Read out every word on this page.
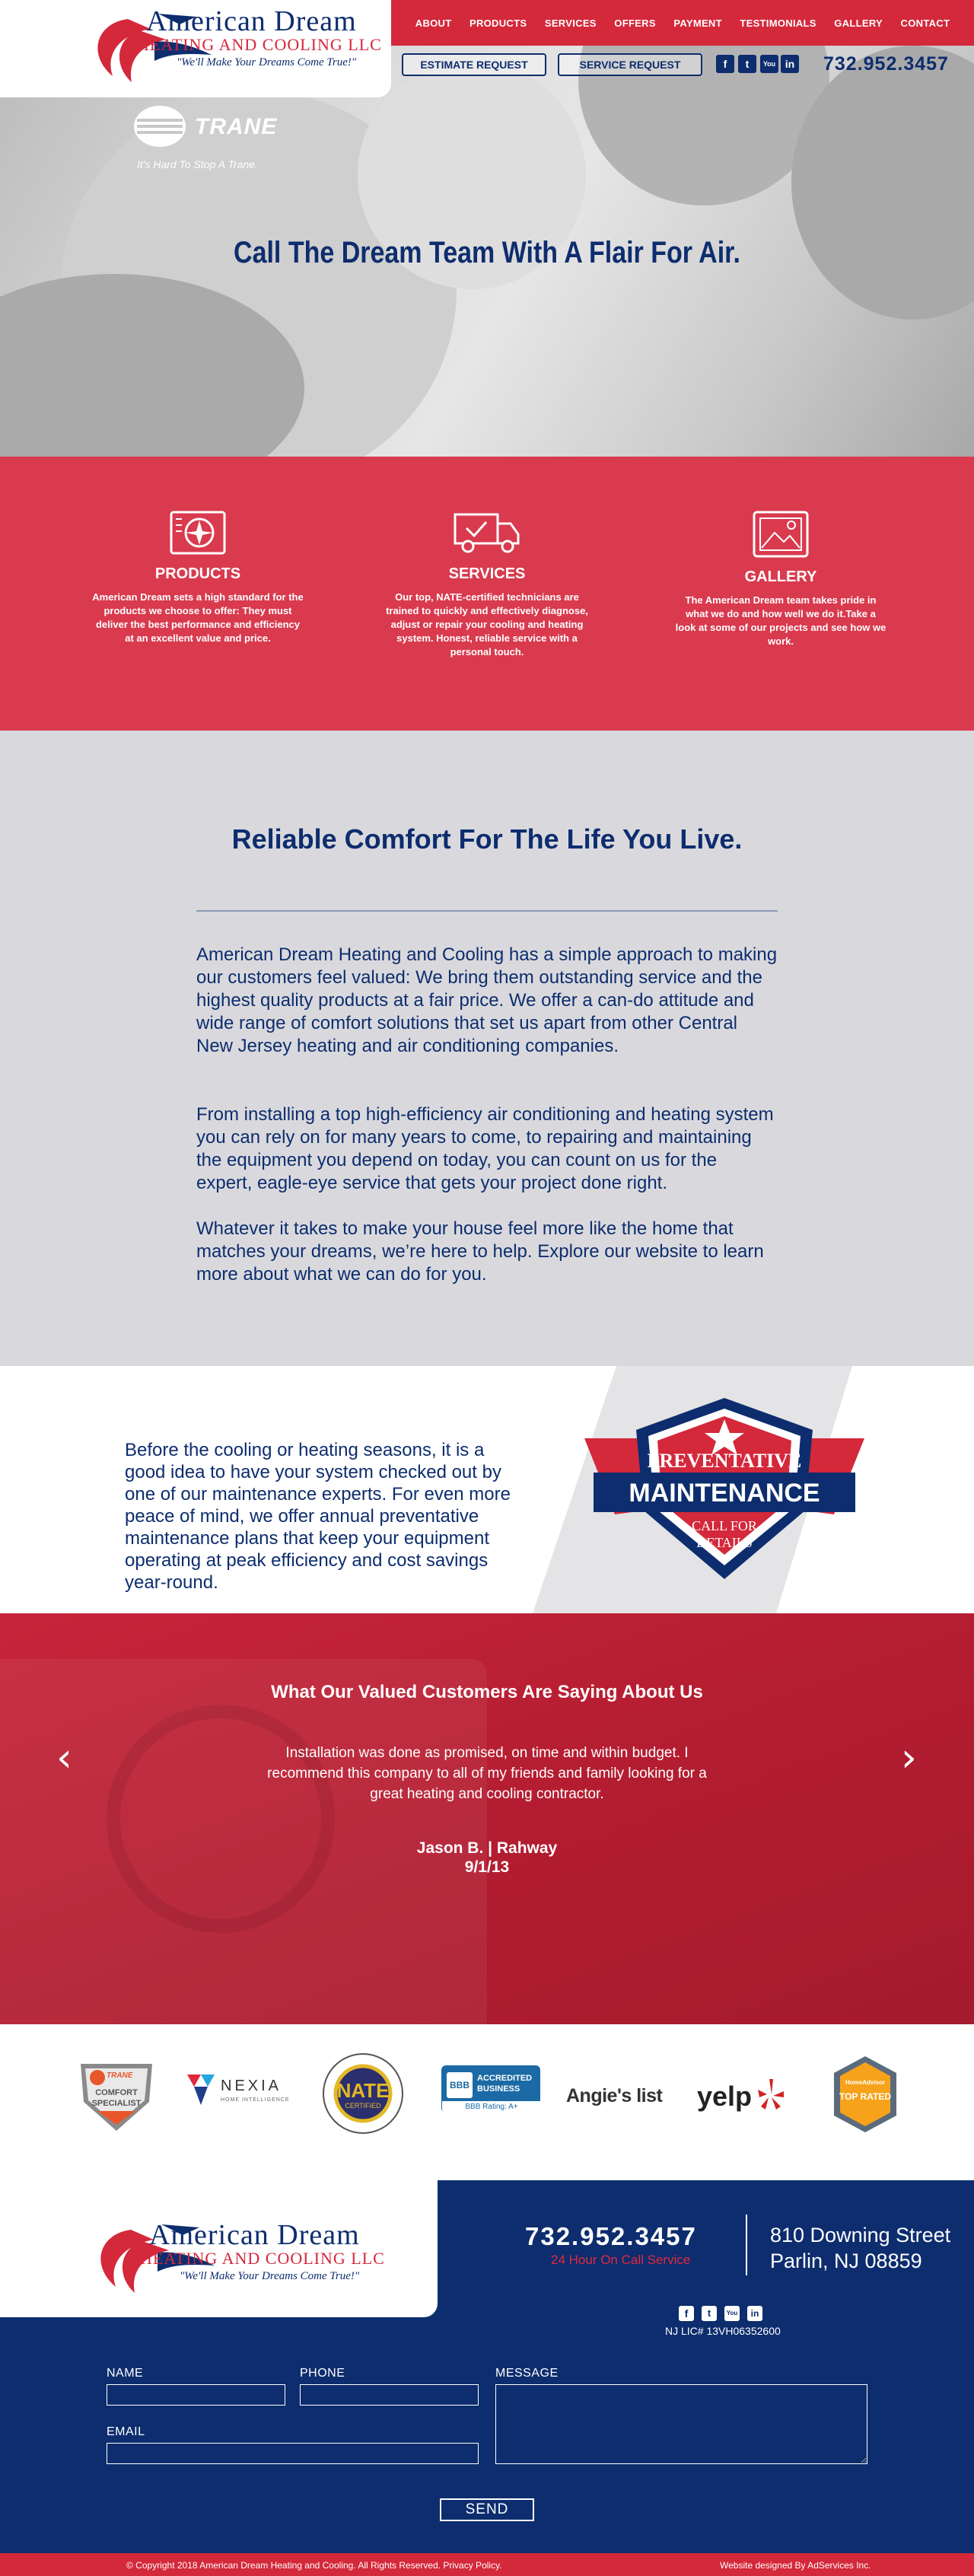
American Dream
HEATING AND COOLING LLC
"We'll Make Your Dreams Come True!"
ABOUT PRODUCTS SERVICES OFFERS PAYMENT TESTIMONIALS GALLERY CONTACT
ESTIMATE REQUEST	SERVICE REQUEST	f	t	You in 732.952.3457
TRANE
It's Hard To Stop A Trane.
Call The Dream Team With A Flair For Air.
PRODUCTS

American Dream sets a high standard for the products we choose to offer: They must deliver the best performance and efficiency at an excellent value and price.

SERVICES

Our top, NATE-certified technicians are trained to quickly and effectively diagnose, adjust or repair your cooling and heating system. Honest, reliable service with a personal touch.

GALLERY

The American Dream team takes pride in what we do and how well we do it.Take a look at some of our projects and see how we work.

Reliable Comfort For The Life You Live.

American Dream Heating and Cooling has a simple approach to making our customers feel valued: We bring them outstanding service and the highest quality products at a fair price. We offer a can-do attitude and wide range of comfort solutions that set us apart from other Central New Jersey heating and air conditioning companies.

From installing a top high-efficiency air conditioning and heating system you can rely on for many years to come, to repairing and maintaining the equipment you depend on today, you can count on us for the expert, eagle-eye service that gets your project done right.

Whatever it takes to make your house feel more like the home that matches your dreams, we’re here to help. Explore our website to learn more about what we can do for you.

Before the cooling or heating seasons, it is a good idea to have your system checked out by one of our maintenance experts. For even more peace of mind, we offer annual preventative maintenance plans that keep your equipment operating at peak efficiency and cost savings year-round.

PREVENTATIVE
MAINTENANCE
CALL FOR
DETAILS
What Our Valued Customers Are Saying About Us
‹	›

Installation was done as promised, on time and within budget. I recommend this company to all of my friends and family looking for a great heating and cooling contractor.

Jason B. | Rahway
9/1/13
TRANE
COMFORT
SPECIALIST
NEXIA
HOME INTELLIGENCE	NATE
CERTIFIED
BBB
ACCREDITED
BUSINESS
BBB Rating: A+
Angie's list yelp	HomeAdvisor
TOP RATED
American Dream
HEATING AND COOLING LLC
"We'll Make Your Dreams Come True!"
732.952.3457
24 Hour On Call Service
810 Downing Street Parlin, NJ 08859
f	t	You	in
NJ LIC# 13VH06352600
NAME	PHONE	MESSAGE
EMAIL
SEND
© Copyright 2018 American Dream Heating and Cooling. All Rights Reserved. Privacy Policy.	Website designed By AdServices Inc.
